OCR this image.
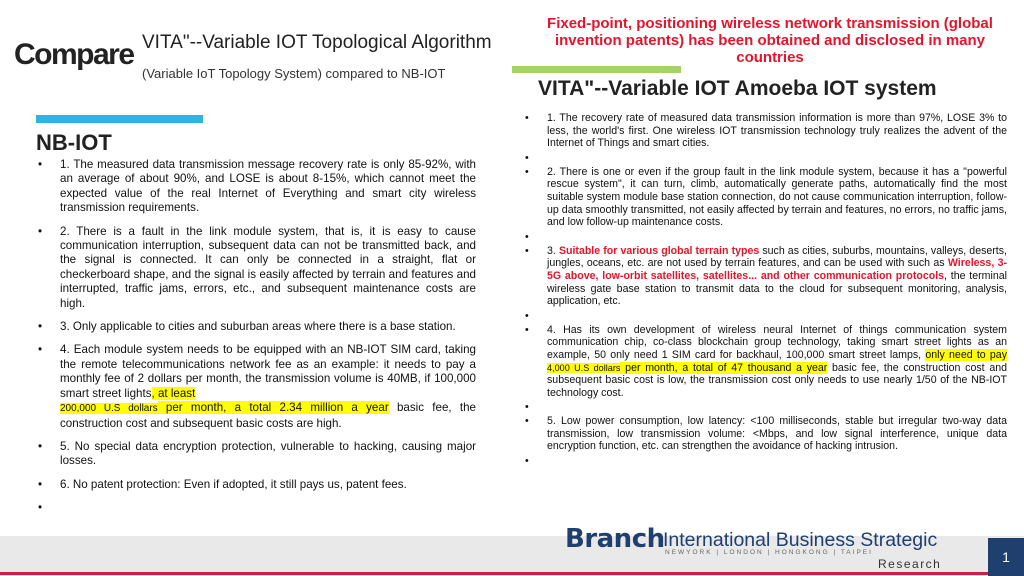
Compare VITA"--Variable IOT Topological Algorithm
(Variable IoT Topology System) compared to NB-IOT
Fixed-point, positioning wireless network transmission (global invention patents) has been obtained and disclosed in many countries
NB-IOT
• 1. The measured data transmission message recovery rate is only 85-92%, with an average of about 90%, and LOSE is about 8-15%, which cannot meet the expected value of the real Internet of Everything and smart city wireless transmission requirements.
• 2. There is a fault in the link module system, that is, it is easy to cause communication interruption, subsequent data can not be transmitted back, and the signal is connected. It can only be connected in a straight, flat or checkerboard shape, and the signal is easily affected by terrain and features and interrupted, traffic jams, errors, etc., and subsequent maintenance costs are high.
• 3. Only applicable to cities and suburban areas where there is a base station.
• 4. Each module system needs to be equipped with an NB-IOT SIM card, taking the remote telecommunications network fee as an example: it needs to pay a monthly fee of 2 dollars per month, the transmission volume is 40MB, if 100,000 smart street lights, at least
200,000 U.S dollars per month, a total 2.34 million a year basic fee, the construction cost and subsequent basic costs are high.
• 5. No special data encryption protection, vulnerable to hacking, causing major losses.
• 6. No patent protection: Even if adopted, it still pays us, patent fees.
VITA"--Variable IOT Amoeba IOT system
• 1. The recovery rate of measured data transmission information is more than 97%, LOSE 3% to less, the world's first. One wireless IOT transmission technology truly realizes the advent of the Internet of Things and smart cities.
•
• 2. There is one or even if the group fault in the link module system, because it has a "powerful rescue system", it can turn, climb, automatically generate paths, automatically find the most suitable system module base station connection, do not cause communication interruption, follow-up data smoothly transmitted, not easily affected by terrain and features, no errors, no traffic jams, and low follow-up maintenance costs.
•
• 3. Suitable for various global terrain types such as cities, suburbs, mountains, valleys, deserts, jungles, oceans, etc. are not used by terrain features, and can be used with such as Wireless, 3-5G above, low-orbit satellites, satellites... and other communication protocols, the terminal wireless gate base station to transmit data to the cloud for subsequent monitoring, analysis, application, etc.
•
• 4. Has its own development of wireless neural Internet of things communication system communication chip, co-class blockchain group technology, taking smart street lights as an example, 50 only need 1 SIM card for backhaul, 100,000 smart street lamps, only need to pay 4,000 U.S dollars per month, a total of 47 thousand a year basic fee, the construction cost and subsequent basic cost is low, the transmission cost only needs to use nearly 1/50 of the NB-IOT technology cost.
•
• 5. Low power consumption, low latency: <100 milliseconds, stable but irregular two-way data transmission, low transmission volume: <Mbps, and low signal interference, unique data encryption function, etc. can strengthen the avoidance of hacking intrusion.
•
Branch
International Business Strategic
NEWYORK | LONDON | HONGKONG | TAIPEI
Research	1
